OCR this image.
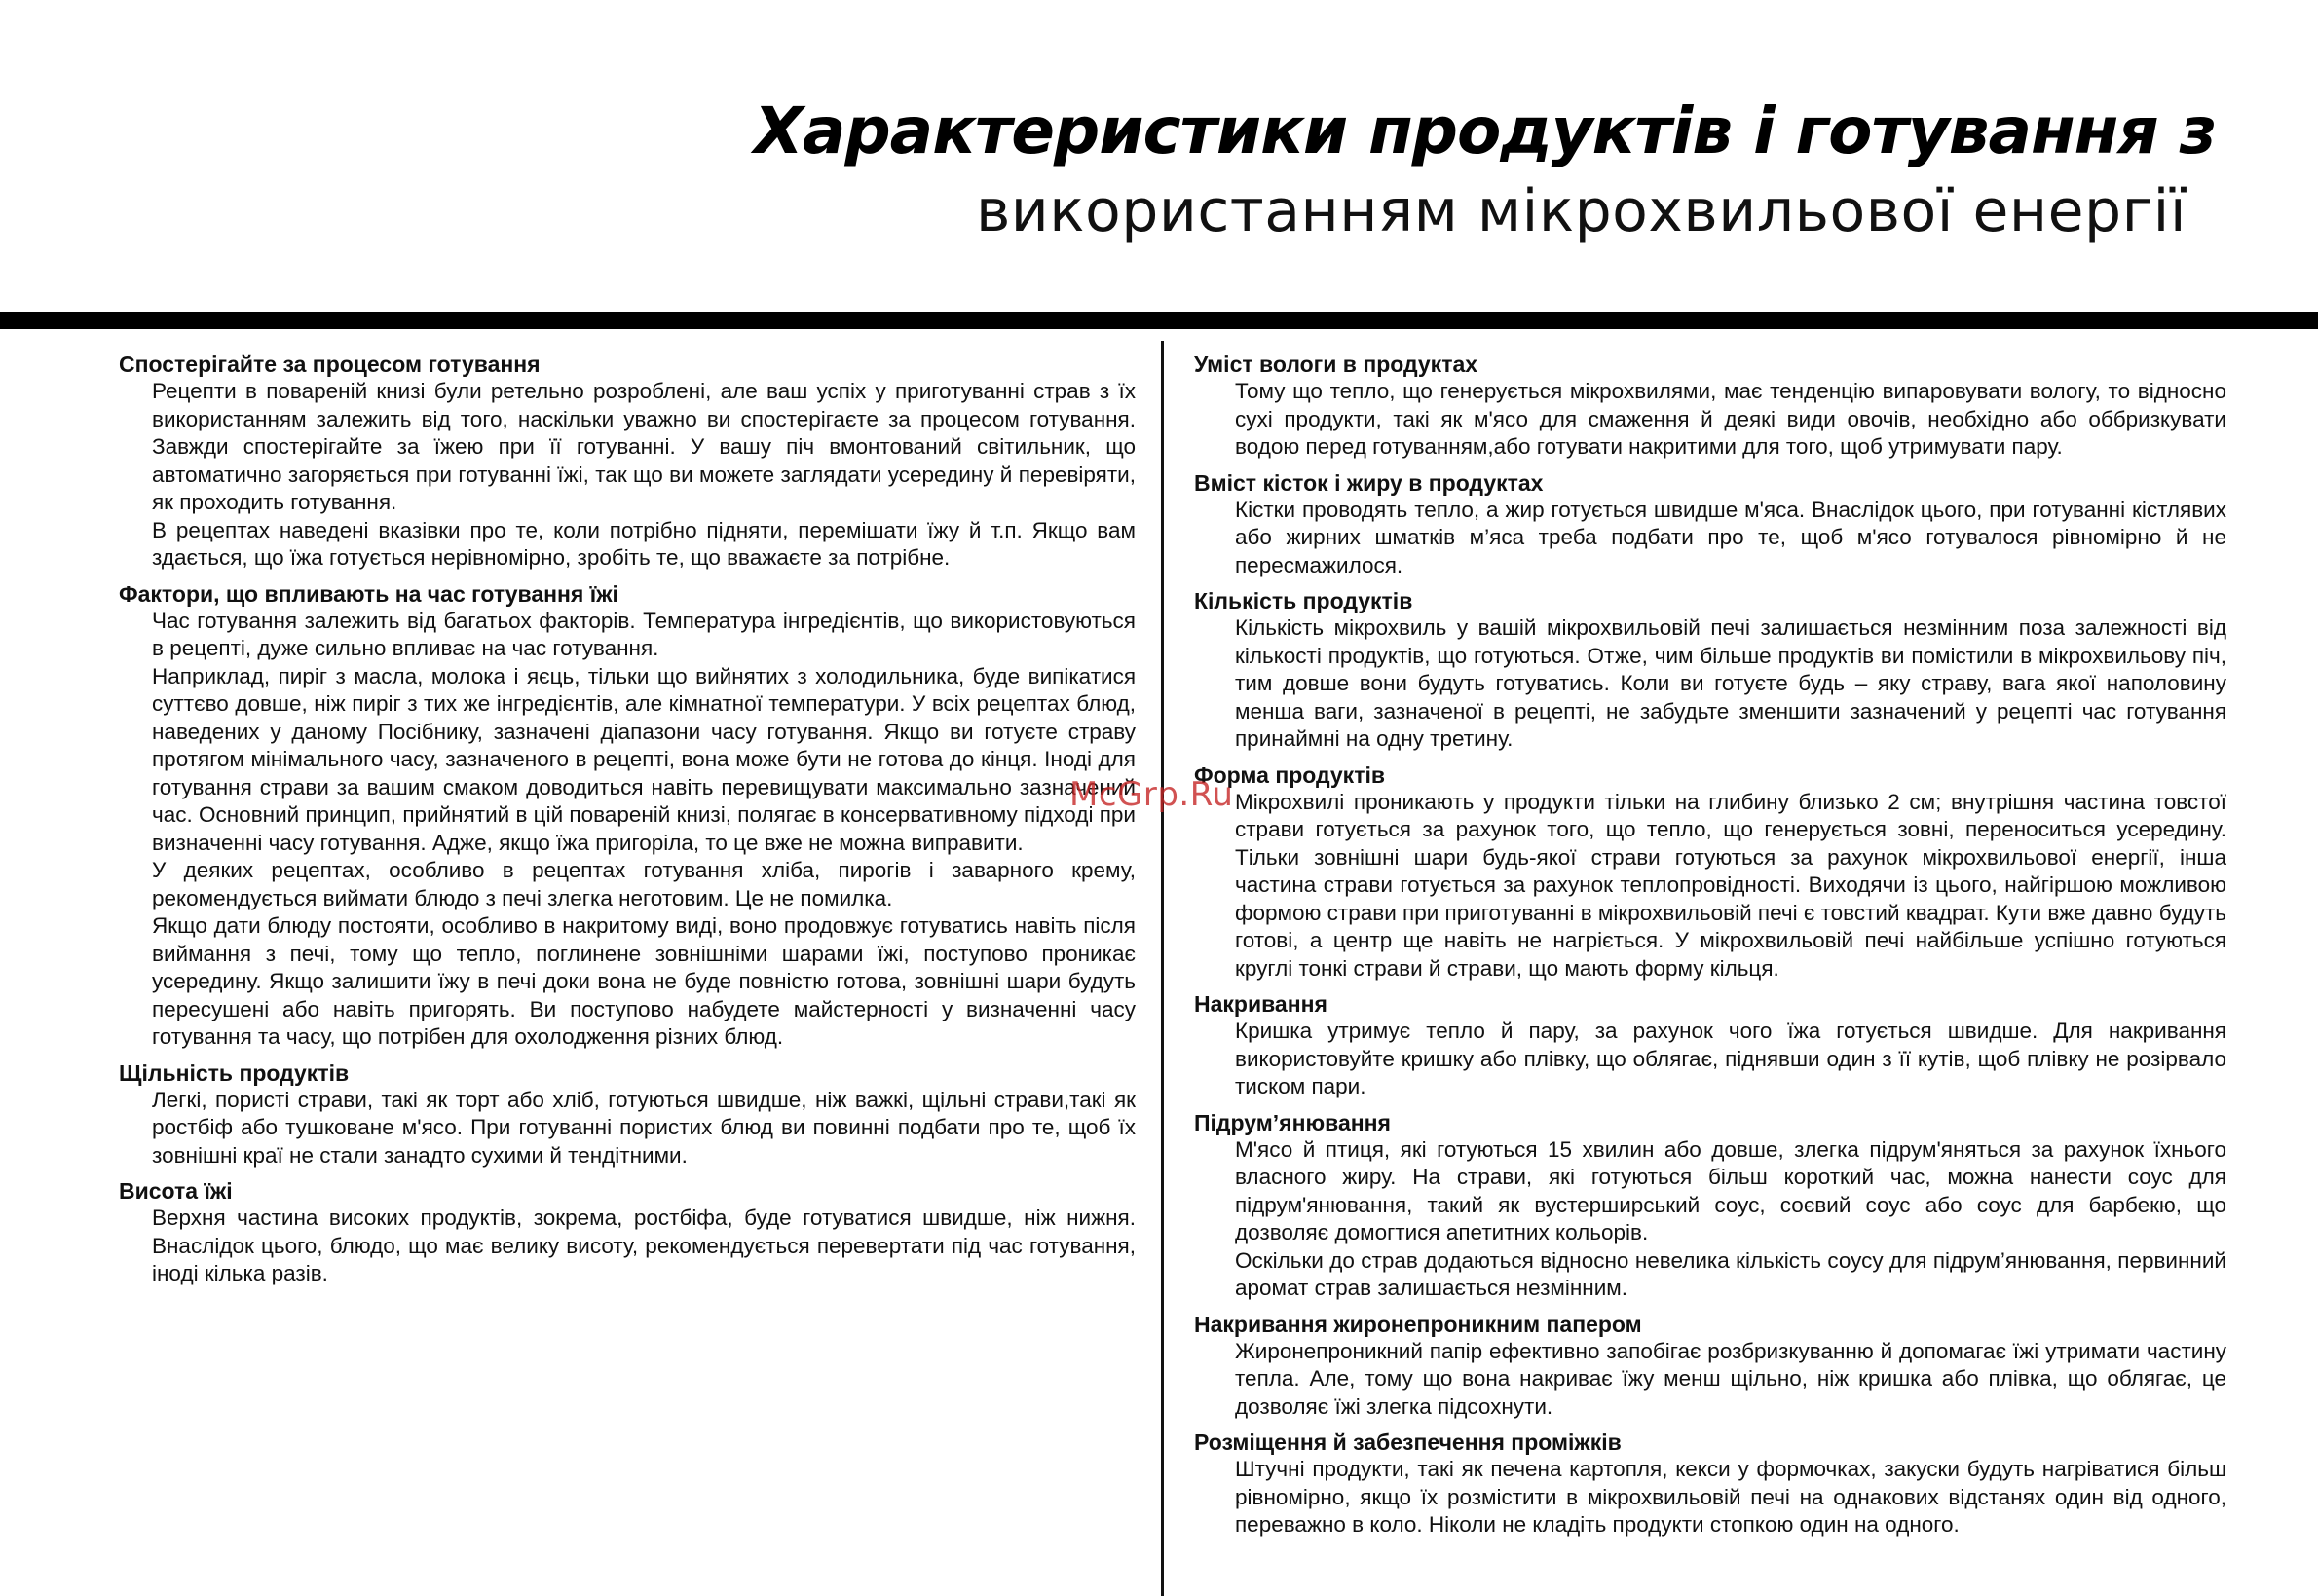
Характеристики продуктів і готування з
використанням мікрохвильової енергії
Спостерігайте за процесом готування

Рецепти в повареній книзі були ретельно розроблені, але ваш успіх у приготуванні страв з їх використанням залежить від того, наскільки уважно ви спостерігаєте за процесом готування. Завжди спостерігайте за їжею при її готуванні. У вашу піч вмонтований світильник, що автоматично загоряється при готуванні їжі, так що ви можете заглядати усередину й перевіряти, як проходить готування.

В рецептах наведені вказівки про те, коли потрібно підняти, перемішати їжу й т.п. Якщо вам здається, що їжа готується нерівномірно, зробіть те, що вважаєте за потрібне.

Фактори, що впливають на час готування їжі

Час готування залежить від багатьох факторів. Температура інгредієнтів, що використовуються в рецепті, дуже сильно впливає на час готування.

Наприклад, пиріг з масла, молока і яєць, тільки що вийнятих з холодильника, буде випікатися суттєво довше, ніж пиріг з тих же інгредієнтів, але кімнатної температури. У всіх рецептах блюд, наведених у даному Посібнику, зазначені діапазони часу готування. Якщо ви готуєте страву протягом мінімального часу, зазначеного в рецепті, вона може бути не готова до кінця. Іноді для готування страви за вашим смаком доводиться навіть перевищувати максимально зазначений час. Основний принцип, прийнятий в цій повареній книзі, полягає в консервативному підході при визначенні часу готування. Адже, якщо їжа пригоріла, то це вже не можна виправити.

У деяких рецептах, особливо в рецептах готування хліба, пирогів і заварного крему, рекомендується виймати блюдо з печі злегка неготовим. Це не помилка.

Якщо дати блюду постояти, особливо в накритому виді, воно продовжує готуватись навіть після виймання з печі, тому що тепло, поглинене зовнішніми шарами їжі, поступово проникає усередину. Якщо залишити їжу в печі доки вона не буде повністю готова, зовнішні шари будуть пересушені або навіть пригорять. Ви поступово набудете майстерності у визначенні часу готування та часу, що потрібен для охолодження різних блюд.

Щільність продуктів

Легкі, пористі страви, такі як торт або хліб, готуються швидше, ніж важкі, щільні страви,такі як ростбіф або тушковане м'ясо. При готуванні пористих блюд ви повинні подбати про те, щоб їх зовнішні краї не стали занадто сухими й тендітними.

Висота їжі

Верхня частина високих продуктів, зокрема, ростбіфа, буде готуватися швидше, ніж нижня. Внаслідок цього, блюдо, що має велику висоту, рекомендується перевертати під час готування, іноді кілька разів.

Уміст вологи в продуктах

Тому що тепло, що генерується мікрохвилями, має тенденцію випаровувати вологу, то відносно сухі продукти, такі як м'ясо для смаження й деякі види овочів, необхідно або оббризкувати водою перед готуванням,або готувати накритими для того, щоб утримувати пару.

Вміст кісток і жиру в продуктах

Кістки проводять тепло, а жир готується швидше м'яса. Внаслідок цього, при готуванні кістлявих або жирних шматків м’яса треба подбати про те, щоб м'ясо готувалося рівномірно й не пересмажилося.

Кількість продуктів

Кількість мікрохвиль у вашій мікрохвильовій печі залишається незмінним поза залежності від кількості продуктів, що готуються. Отже, чим більше продуктів ви помістили в мікрохвильову піч, тим довше вони будуть готуватись. Коли ви готуєте будь – яку страву, вага якої наполовину менша ваги, зазначеної в рецепті, не забудьте зменшити зазначений у рецепті час готування принаймні на одну третину.

Форма продуктів

Мікрохвилі проникають у продукти тільки на глибину близько 2 см; внутрішня частина товстої страви готується за рахунок того, що тепло, що генерується зовні, переноситься усередину. Тільки зовнішні шари будь-якої страви готуються за рахунок мікрохвильової енергії, інша частина страви готується за рахунок теплопровідності. Виходячи із цього, найгіршою можливою формою страви при приготуванні в мікрохвильовій печі є товстий квадрат. Кути вже давно будуть готові, а центр ще навіть не нагріється. У мікрохвильовій печі найбільше успішно готуються круглі тонкі страви й страви, що мають форму кільця.

Накривання

Кришка утримує тепло й пару, за рахунок чого їжа готується швидше. Для накривання використовуйте кришку або плівку, що облягає, піднявши один з її кутів, щоб плівку не розірвало тиском пари.

Підрум’янювання

М'ясо й птиця, які готуються 15 хвилин або довше, злегка підрум'яняться за рахунок їхнього власного жиру. На страви, які готуються більш короткий час, можна нанести соус для підрум'янювання, такий як вустерширський соус, соєвий соус або соус для барбекю, що дозволяє домогтися апетитних кольорів.

Оскільки до страв додаються відносно невелика кількість соусу для підрум’янювання, первинний аромат страв залишається незмінним.

Накривання жиронепроникним папером

Жиронепроникний папір ефективно запобігає розбризкуванню й допомагає їжі утримати частину тепла. Але, тому що вона накриває їжу менш щільно, ніж кришка або плівка, що облягає, це дозволяє їжі злегка підсохнути.

Розміщення й забезпечення проміжків

Штучні продукти, такі як печена картопля, кекси у формочках, закуски будуть нагріватися більш рівномірно, якщо їх розмістити в мікрохвильовій печі на однакових відстанях один від одного, переважно в коло. Ніколи не кладіть продукти стопкою один на одного.

McGrp.Ru
